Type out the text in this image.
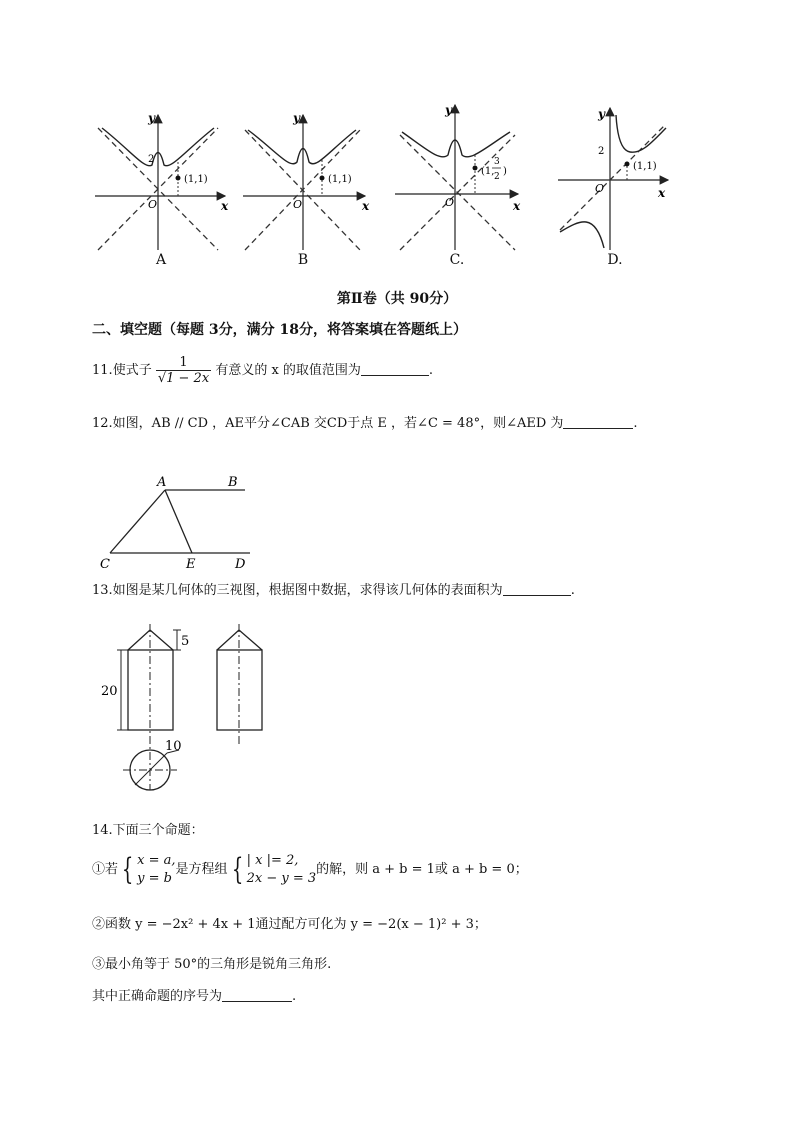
(1,1)
2
O	x
y
(1,1)
O	x
y
(1,
3
2 )
O	x
y
(1,1)
2
O	x
y
A	B	C.	D.
第Ⅱ卷（共 90分）
二、填空题（每题 3分，满分 18分，将答案填在答题纸上）
11.使式子 $\frac{1}{√1 - 2x}$ 有意义的 x 的取值范围为	.
12.如图，AB // CD ，AE平分∠CAB 交CD于点 E ，若∠C = 48°，则∠AED 为	.
A	B
C	E	D
13.如图是某几何体的三视图，根据图中数据，求得该几何体的表面积为	.
5
20
10
14.下面三个命题：
①若 { x = a,
y = b
是方程组 { | x |= 2,
2x − y = 3
的解，则 a + b = 1或 a + b = 0；
②函数 y = −2x² + 4x + 1通过配方可化为 y = −2(x − 1)² + 3；
③最小角等于 50°的三角形是锐角三角形.
其中正确命题的序号为	.
